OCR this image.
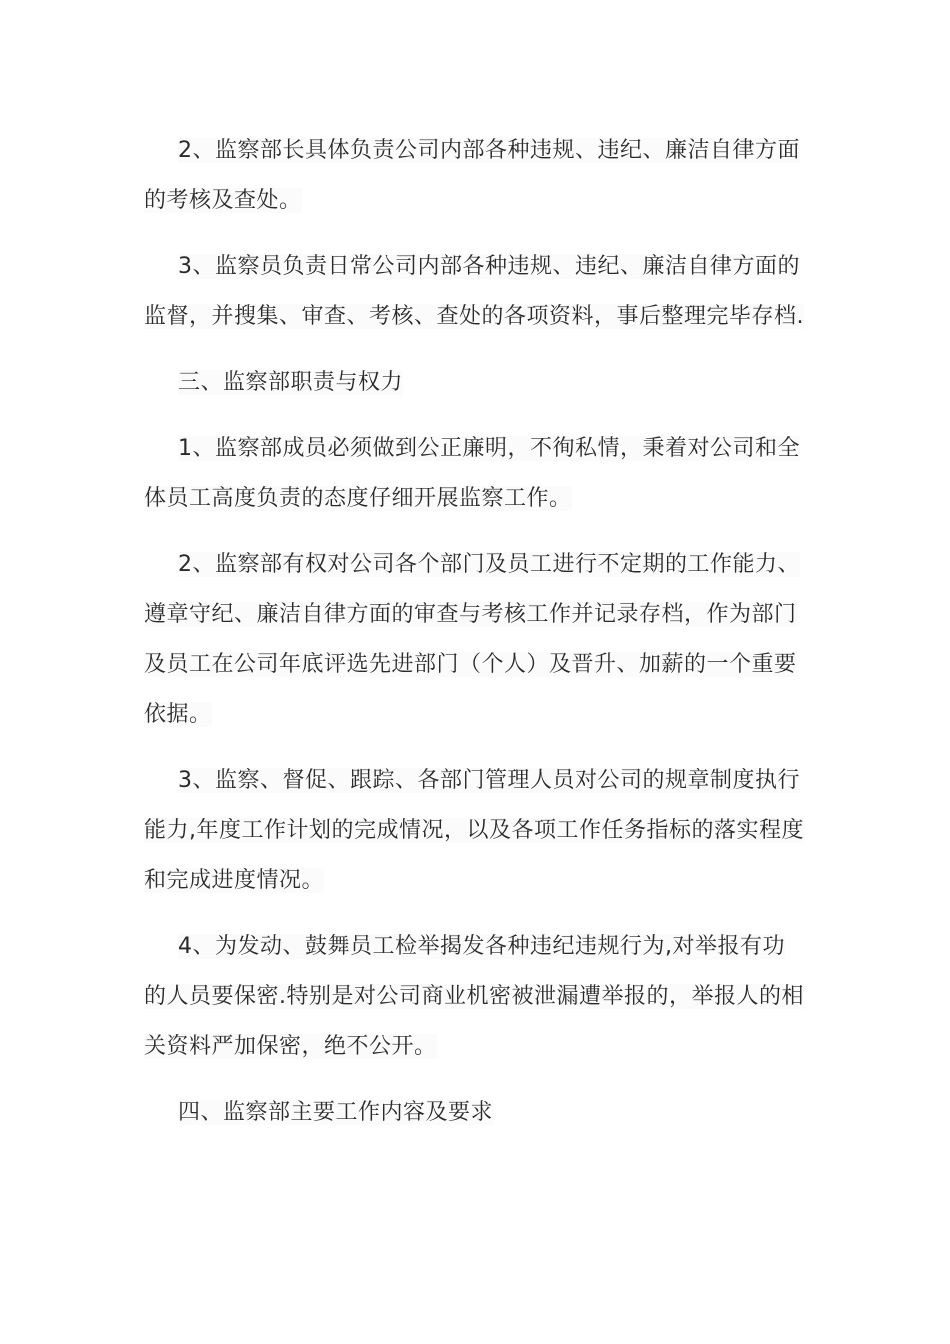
2、监察部长具体负责公司内部各种违规、违纪、廉洁自律方面的考核及查处。

3、监察员负责日常公司内部各种违规、违纪、廉洁自律方面的监督，并搜集、审查、考核、查处的各项资料，事后整理完毕存档.

三、监察部职责与权力

1、监察部成员必须做到公正廉明，不徇私情，秉着对公司和全体员工高度负责的态度仔细开展监察工作。

2、监察部有权对公司各个部门及员工进行不定期的工作能力、遵章守纪、廉洁自律方面的审查与考核工作并记录存档，作为部门及员工在公司年底评选先进部门（个人）及晋升、加薪的一个重要依据。

3、监察、督促、跟踪、各部门管理人员对公司的规章制度执行能力,年度工作计划的完成情况，以及各项工作任务指标的落实程度和完成进度情况。

4、为发动、鼓舞员工检举揭发各种违纪违规行为,对举报有功的人员要保密.特别是对公司商业机密被泄漏遭举报的，举报人的相关资料严加保密，绝不公开。

四、监察部主要工作内容及要求
